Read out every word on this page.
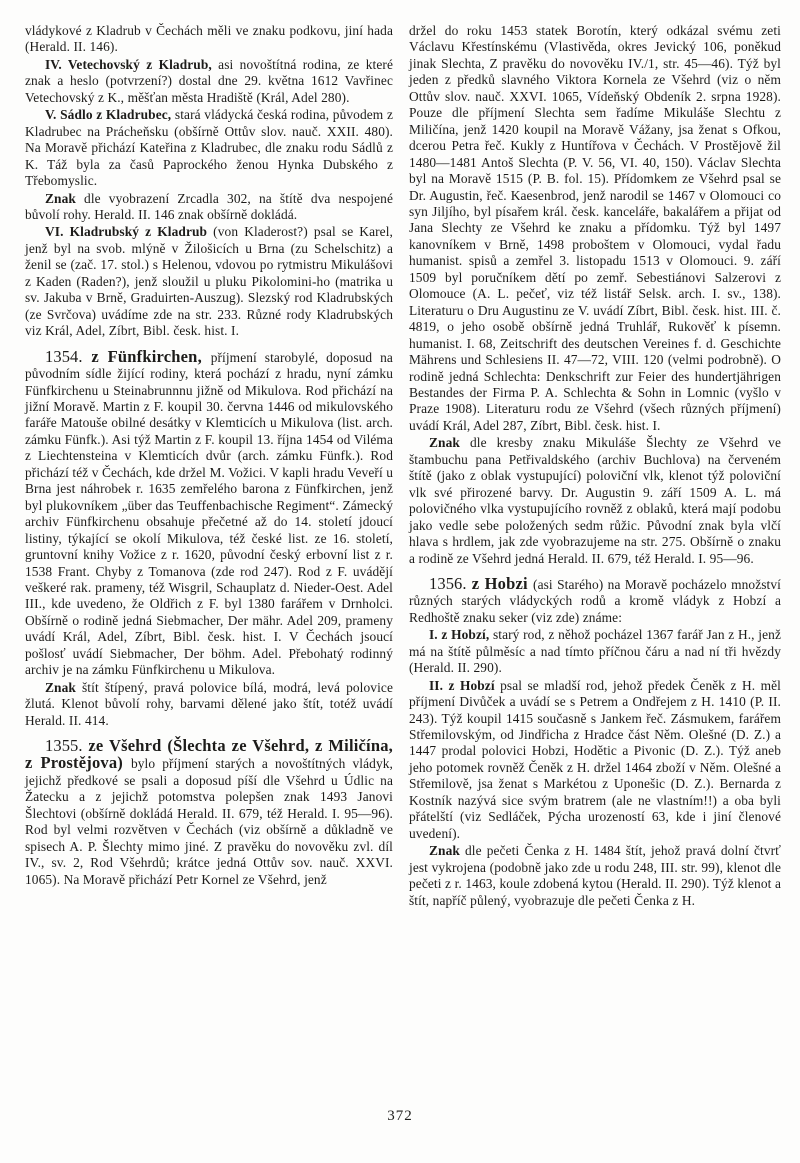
vládykové z Kladrub v Čechách měli ve znaku podkovu, jiní hada (Herald. II. 146).

IV. Vetechovský z Kladrub, asi novoštítná rodina, ze které znak a heslo (potvrzení?) dostal dne 29. května 1612 Vavřinec Vetechovský z K., měšťan města Hradiště (Král, Adel 280).

V. Sádlo z Kladrubec, stará vládycká česká rodina, původem z Kladrubec na Prácheňsku (obšírně Ottův slov. nauč. XXII. 480). Na Moravě přichází Kateřina z Kladrubec, dle znaku rodu Sádlů z K. Táž byla za časů Paprockého ženou Hynka Dubského z Třebomyslic.

Znak dle vyobrazení Zrcadla 302, na štítě dva nespojené bůvolí rohy. Herald. II. 146 znak obšírně dokládá.

VI. Kladrubský z Kladrub (von Kladerost?) psal se Karel, jenž byl na svob. mlýně v Žilošicích u Brna (zu Schelschitz) a ženil se (zač. 17. stol.) s Helenou, vdovou po rytmistru Mikulášovi z Kaden (Raden?), jenž sloužil u pluku Pikolomini-ho (matrika u sv. Jakuba v Brně, Graduirten-Auszug). Slezský rod Kladrubských (ze Svrčova) uvádíme zde na str. 233. Různé rody Kladrubských viz Král, Adel, Zíbrt, Bibl. česk. hist. I.

1354. z Fünfkirchen, příjmení starobylé, doposud na původním sídle žijící rodiny, která pochází z hradu, nyní zámku Fünfkirchenu u Steinabrunnnu jižně od Mikulova. Rod přichází na jižní Moravě. Martin z F. koupil 30. června 1446 od mikulovského faráře Matouše obilné desátky v Klemticích u Mikulova (list. arch. zámku Fünfk.). Asi týž Martin z F. koupil 13. října 1454 od Viléma z Liechtensteina v Klemticích dvůr (arch. zámku Fünfk.). Rod přichází též v Čechách, kde držel M. Vožici. V kapli hradu Veveří u Brna jest náhrobek r. 1635 zemřelého barona z Fünfkirchen, jenž byl plukovníkem „über das Teuffenbachische Regiment“. Zámecký archiv Fünfkirchenu obsahuje přečetné až do 14. století jdoucí listiny, týkající se okolí Mikulova, též české list. ze 16. století, gruntovní knihy Vožice z r. 1620, původní český erbovní list z r. 1538 Frant. Chyby z Tomanova (zde rod 247). Rod z F. uvádějí veškeré rak. prameny, též Wisgril, Schauplatz d. Nieder-Oest. Adel III., kde uvedeno, že Oldřich z F. byl 1380 farářem v Drnholci. Obšírně o rodině jedná Siebmacher, Der mähr. Adel 209, prameny uvádí Král, Adel, Zíbrt, Bibl. česk. hist. I. V Čechách jsoucí pošlosť uvádí Siebmacher, Der böhm. Adel. Přebohatý rodinný archiv je na zámku Fünfkirchenu u Mikulova.

Znak štít štípený, pravá polovice bílá, modrá, levá polovice žlutá. Klenot bůvolí rohy, barvami dělené jako štít, totéž uvádí Herald. II. 414.

1355. ze Všehrd (Šlechta ze Všehrd, z Miličína, z Prostějova) bylo příjmení starých a novoštítných vládyk, jejichž předkové se psali a doposud píší dle Všehrd u Údlic na Žatecku a z jejichž potomstva polepšen znak 1493 Janovi Šlechtovi (obšírně dokládá Herald. II. 679, též Herald. I. 95—96). Rod byl velmi rozvětven v Čechách (viz obšírně a důkladně ve spisech A. P. Šlechty mimo jiné. Z pravěku do novověku zvl. díl IV., sv. 2, Rod Všehrdů; krátce jedná Ottův sov. nauč. XXVI. 1065). Na Moravě přichází Petr Kornel ze Všehrd, jenž

držel do roku 1453 statek Borotín, který odkázal svému zeti Václavu Křestínskému (Vlastivěda, okres Jevický 106, poněkud jinak Slechta, Z pravěku do novověku IV./1, str. 45—46). Týž byl jeden z předků slavného Viktora Kornela ze Všehrd (viz o něm Ottův slov. nauč. XXVI. 1065, Vídeňský Obdeník 2. srpna 1928). Pouze dle příjmení Slechta sem řadíme Mikuláše Slechtu z Miličína, jenž 1420 koupil na Moravě Vážany, jsa ženat s Ofkou, dcerou Petra řeč. Kukly z Huntířova v Čechách. V Prostějově žil 1480—1481 Antoš Slechta (P. V. 56, VI. 40, 150). Václav Slechta byl na Moravě 1515 (P. B. fol. 15). Přídomkem ze Všehrd psal se Dr. Augustin, řeč. Kaesenbrod, jenž narodil se 1467 v Olomouci co syn Jiljího, byl písařem král. česk. kanceláře, bakalářem a přijat od Jana Slechty ze Všehrd ke znaku a přídomku. Týž byl 1497 kanovníkem v Brně, 1498 proboštem v Olomouci, vydal řadu humanist. spisů a zemřel 3. listopadu 1513 v Olomouci. 9. září 1509 byl poručníkem dětí po zemř. Sebestiánovi Salzerovi z Olomouce (A. L. pečeť, viz též listář Selsk. arch. I. sv., 138). Literaturu o Dru Augustinu ze V. uvádí Zíbrt, Bibl. česk. hist. III. č. 4819, o jeho osobě obšírně jedná Truhlář, Rukověť k písemn. humanist. I. 68, Zeitschrift des deutschen Vereines f. d. Geschichte Mährens und Schlesiens II. 47—72, VIII. 120 (velmi podrobně). O rodině jedná Schlechta: Denkschrift zur Feier des hundertjährigen Bestandes der Firma P. A. Schlechta & Sohn in Lomnic (vyšlo v Praze 1908). Literaturu rodu ze Všehrd (všech různých příjmení) uvádí Král, Adel 287, Zíbrt, Bibl. česk. hist. I.

Znak dle kresby znaku Mikuláše Šlechty ze Všehrd ve štambuchu pana Petřivaldského (archiv Buchlova) na červeném štítě (jako z oblak vystupující) poloviční vlk, klenot týž poloviční vlk své přirozené barvy. Dr. Augustin 9. září 1509 A. L. má polovičného vlka vystupujícího rovněž z oblaků, která mají podobu jako vedle sebe položených sedm růžic. Původní znak byla vlčí hlava s hrdlem, jak zde vyobrazujeme na str. 275. Obšírně o znaku a rodině ze Všehrd jedná Herald. II. 679, též Herald. I. 95—96.

1356. z Hobzi (asi Starého) na Moravě pocházelo množství různých starých vládyckých rodů a kromě vládyk z Hobzí a Redhoště znaku seker (viz zde) známe:

I. z Hobzí, starý rod, z něhož pocházel 1367 farář Jan z H., jenž má na štítě půlměsíc a nad tímto příčnou čáru a nad ní tři hvězdy (Herald. II. 290).

II. z Hobzí psal se mladší rod, jehož předek Čeněk z H. měl příjmení Divůček a uvádí se s Petrem a Ondřejem z H. 1410 (P. II. 243). Týž koupil 1415 současně s Jankem řeč. Zásmukem, farářem Střemilovským, od Jindřicha z Hradce část Něm. Olešné (D. Z.) a 1447 prodal polovici Hobzi, Hodětic a Pivonic (D. Z.). Týž aneb jeho potomek rovněž Čeněk z H. držel 1464 zboží v Něm. Olešné a Střemilově, jsa ženat s Markétou z Uponešic (D. Z.). Bernarda z Kostník nazývá sice svým bratrem (ale ne vlastním!!) a oba byli přátelští (viz Sedláček, Pýcha urozeností 63, kde i jiní členové uvedení).

Znak dle pečeti Čenka z H. 1484 štít, jehož pravá dolní čtvrť jest vykrojena (podobně jako zde u rodu 248, III. str. 99), klenot dle pečeti z r. 1463, koule zdobená kytou (Herald. II. 290). Týž klenot a štít, napříč půlený, vyobrazuje dle pečeti Čenka z H.

372
